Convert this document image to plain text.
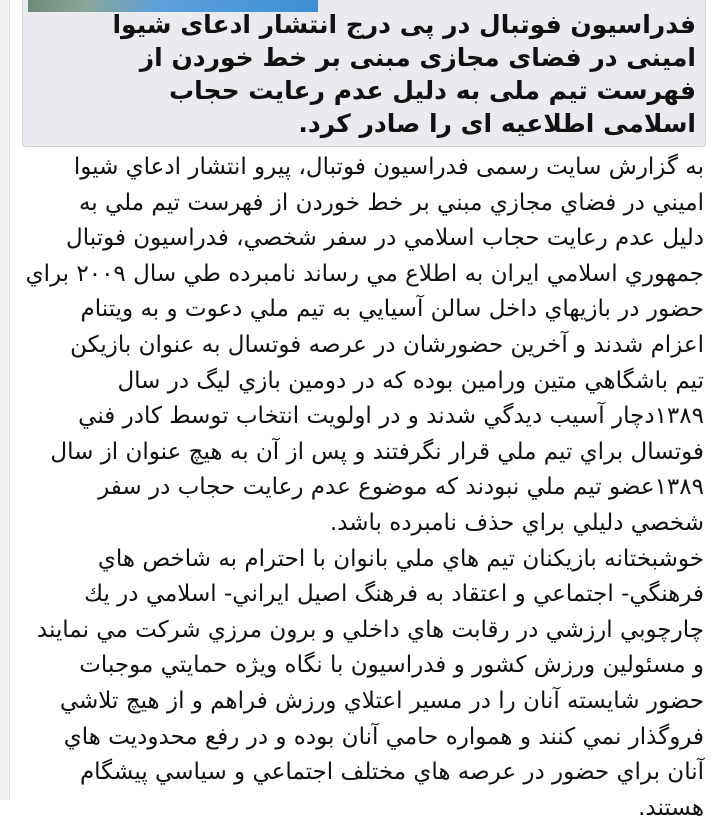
فدراسیون فوتبال در پی درج انتشار ادعای شیوا
امینی در فضای مجازی مبنی بر خط خوردن از
فهرست تیم ملی به دلیل عدم رعایت حجاب
اسلامی اطلاعیه ای را صادر کرد.
به گزارش سایت رسمی فدراسیون فوتبال، پیرو انتشار ادعاي شیوا
اميني در فضاي مجازي مبني بر خط خوردن از فهرست تيم ملي به
دليل عدم رعايت حجاب اسلامي در سفر شخصي، فدراسيون فوتبال
جمهوري اسلامي ايران به اطلاع مي رساند نامبرده طي سال ۲۰۰۹ براي
حضور در بازيهاي داخل سالن آسيايي به تيم ملي دعوت و به ويتنام
اعزام شدند و آخرين حضورشان در عرصه فوتسال به عنوان بازيکن
تيم باشگاهي متين ورامين بوده که در دومين بازي ليگ در سال
۱۳۸۹دچار آسيب ديدگي شدند و در اولويت انتخاب توسط کادر فني
فوتسال براي تيم ملي قرار نگرفتند و پس از آن به هيچ عنوان از سال
۱۳۸۹عضو تيم ملي نبودند که موضوع عدم رعايت حجاب در سفر
شخصي دليلي براي حذف نامبرده باشد.
خوشبختانه بازيکنان تيم هاي ملي بانوان با احترام به شاخص هاي
فرهنگي- اجتماعي و اعتقاد به فرهنگ اصيل ايراني- اسلامي در يك
چارچوبي ارزشي در رقابت هاي داخلي و برون مرزي شرکت مي نمايند
و مسئولين ورزش کشور و فدراسيون با نگاه ويژه حمايتي موجبات
حضور شايسته آنان را در مسير اعتلاي ورزش فراهم و از هيچ تلاشي
فروگذار نمي کنند و همواره حامي آنان بوده و در رفع محدوديت هاي
آنان براي حضور در عرصه هاي مختلف اجتماعي و سياسي پيشگام
هستند.
